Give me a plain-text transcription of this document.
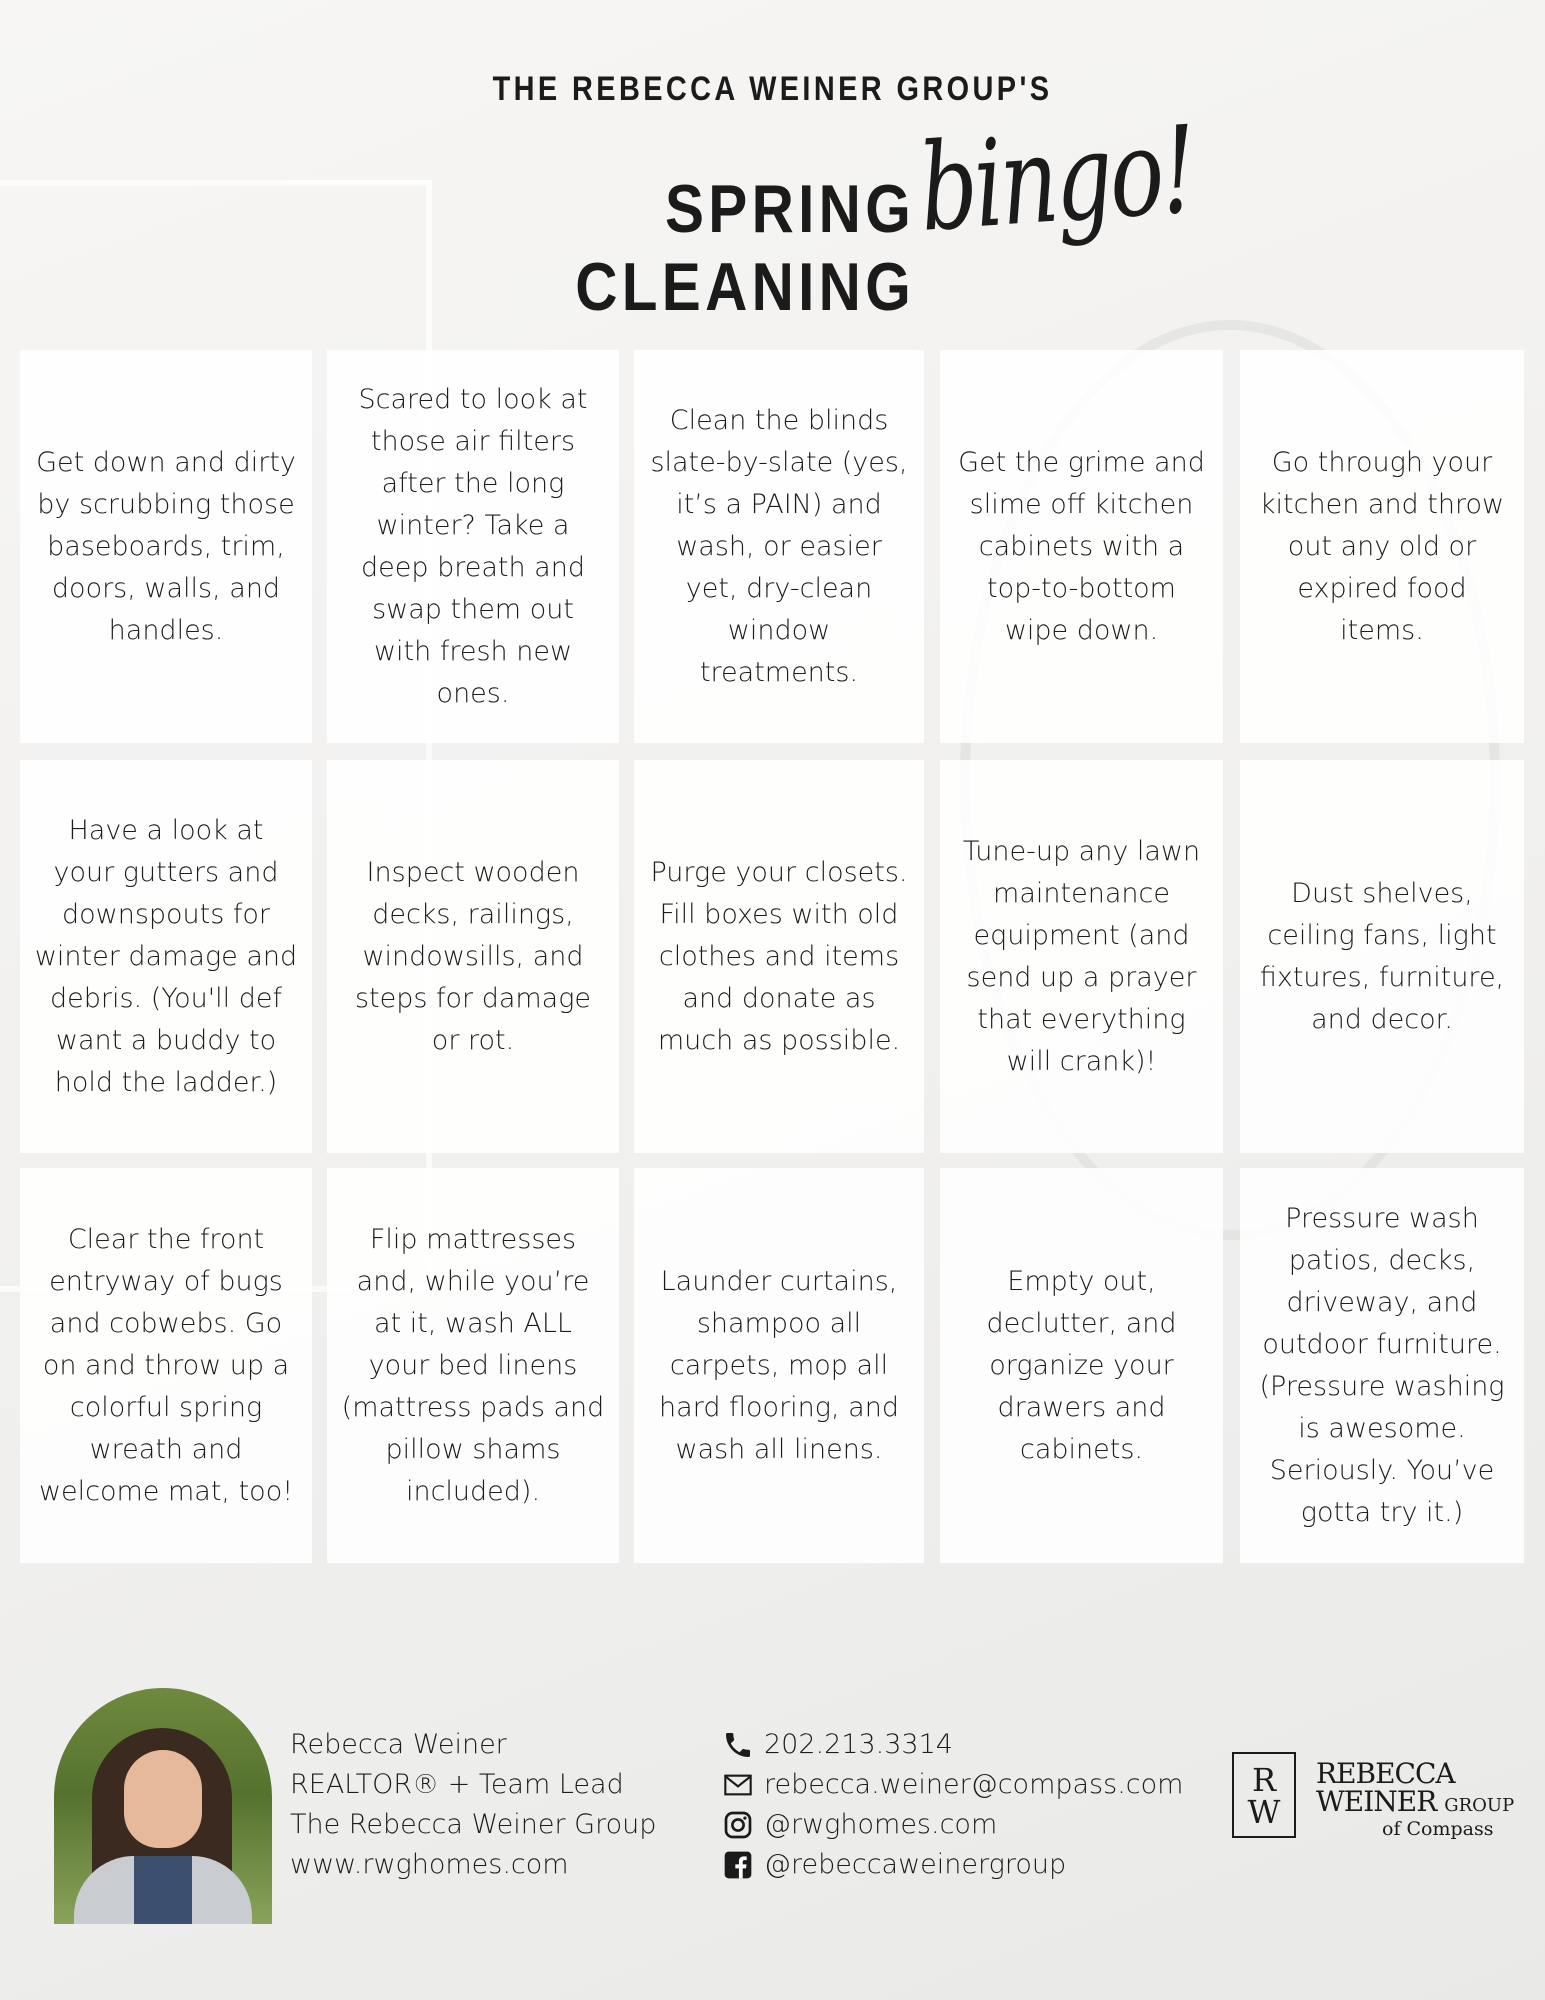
THE REBECCA WEINER GROUP'S
SPRING CLEANING
bingo!
Get down and dirty by scrubbing those baseboards, trim, doors, walls, and handles.
Scared to look at those air filters after the long winter? Take a deep breath and swap them out with fresh new ones.
Clean the blinds slate-by-slate (yes, it’s a PAIN) and wash, or easier yet, dry-clean window treatments.
Get the grime and slime off kitchen cabinets with a top-to-bottom wipe down.
Go through your kitchen and throw out any old or expired food items.
Have a look at your gutters and downspouts for winter damage and debris. (You'll def want a buddy to hold the ladder.)
Inspect wooden decks, railings, windowsills, and steps for damage or rot.
Purge your closets. Fill boxes with old clothes and items and donate as much as possible.
Tune-up any lawn maintenance equipment (and send up a prayer that everything will crank)!
Dust shelves, ceiling fans, light fixtures, furniture, and decor.
Clear the front entryway of bugs and cobwebs. Go on and throw up a colorful spring wreath and welcome mat, too!
Flip mattresses and, while you’re at it, wash ALL your bed linens (mattress pads and pillow shams included).
Launder curtains, shampoo all carpets, mop all hard flooring, and wash all linens.
Empty out, declutter, and organize your drawers and cabinets.
Pressure wash patios, decks, driveway, and outdoor furniture. (Pressure washing is awesome. Seriously. You’ve gotta try it.)
Rebecca Weiner
REALTOR® + Team Lead
The Rebecca Weiner Group
www.rwghomes.com
202.213.3314
rebecca.weiner@compass.com
@rwghomes.com
@rebeccaweinergroup
R
W
REBECCA
WEINER GROUP
of Compass
